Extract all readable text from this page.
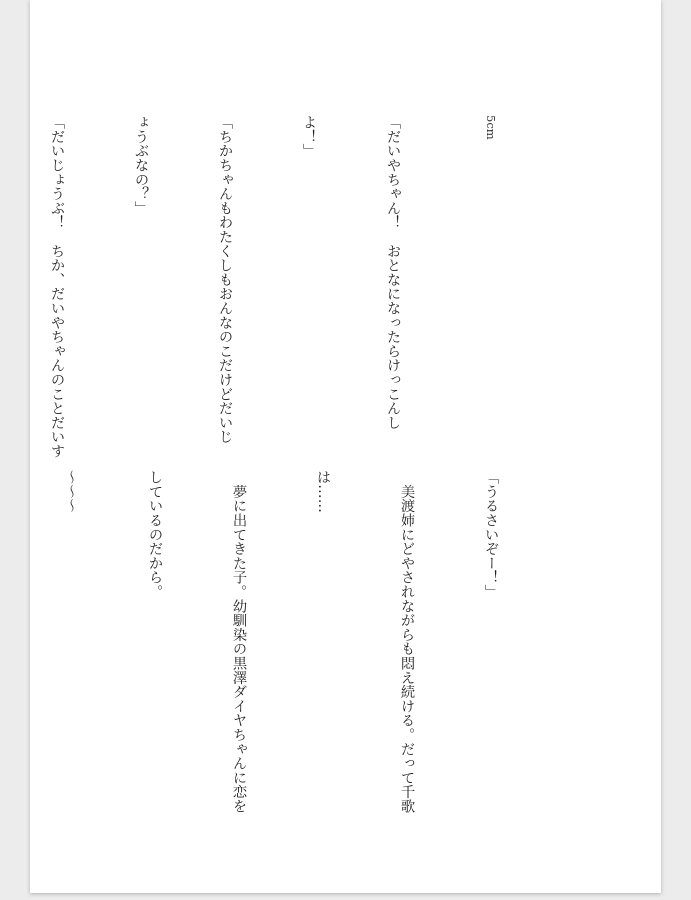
5cm

「だいやちゃん！　おとなになったらけっこんし

よ！」

「ちかちゃんもわたくしもおんなのこだけどだいじ

ょうぶなの？」

「だいじょうぶ！　ちか、だいやちゃんのことだいす

「うるさいぞー！」

　美渡姉にどやされながらも悶え続ける。だって千歌

は……

　夢に出てきた子。幼馴染の黒澤ダイヤちゃんに恋を

しているのだから。

〜〜〜
